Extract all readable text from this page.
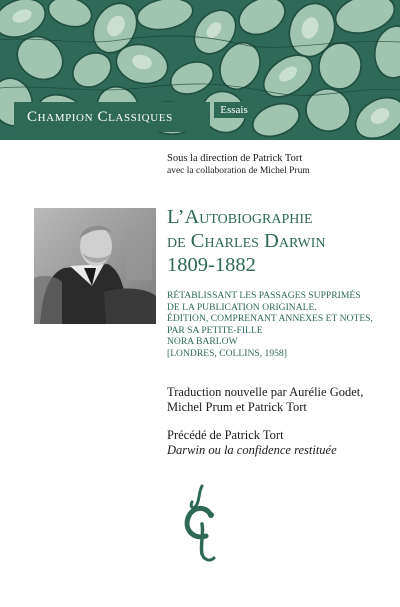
Champion Classiques	Essais
Sous la direction de Patrick Tort
avec la collaboration de Michel Prum
L’Autobiographie
de Charles Darwin
1809-1882
RÉTABLISSANT LES PASSAGES SUPPRIMÉS
DE LA PUBLICATION ORIGINALE.
ÉDITION, COMPRENANT ANNEXES ET NOTES,
PAR SA PETITE-FILLE
NORA BARLOW
[LONDRES, COLLINS, 1958]
Traduction nouvelle par Aurélie Godet,
Michel Prum et Patrick Tort
Précédé de Patrick Tort
Darwin ou la confidence restituée
